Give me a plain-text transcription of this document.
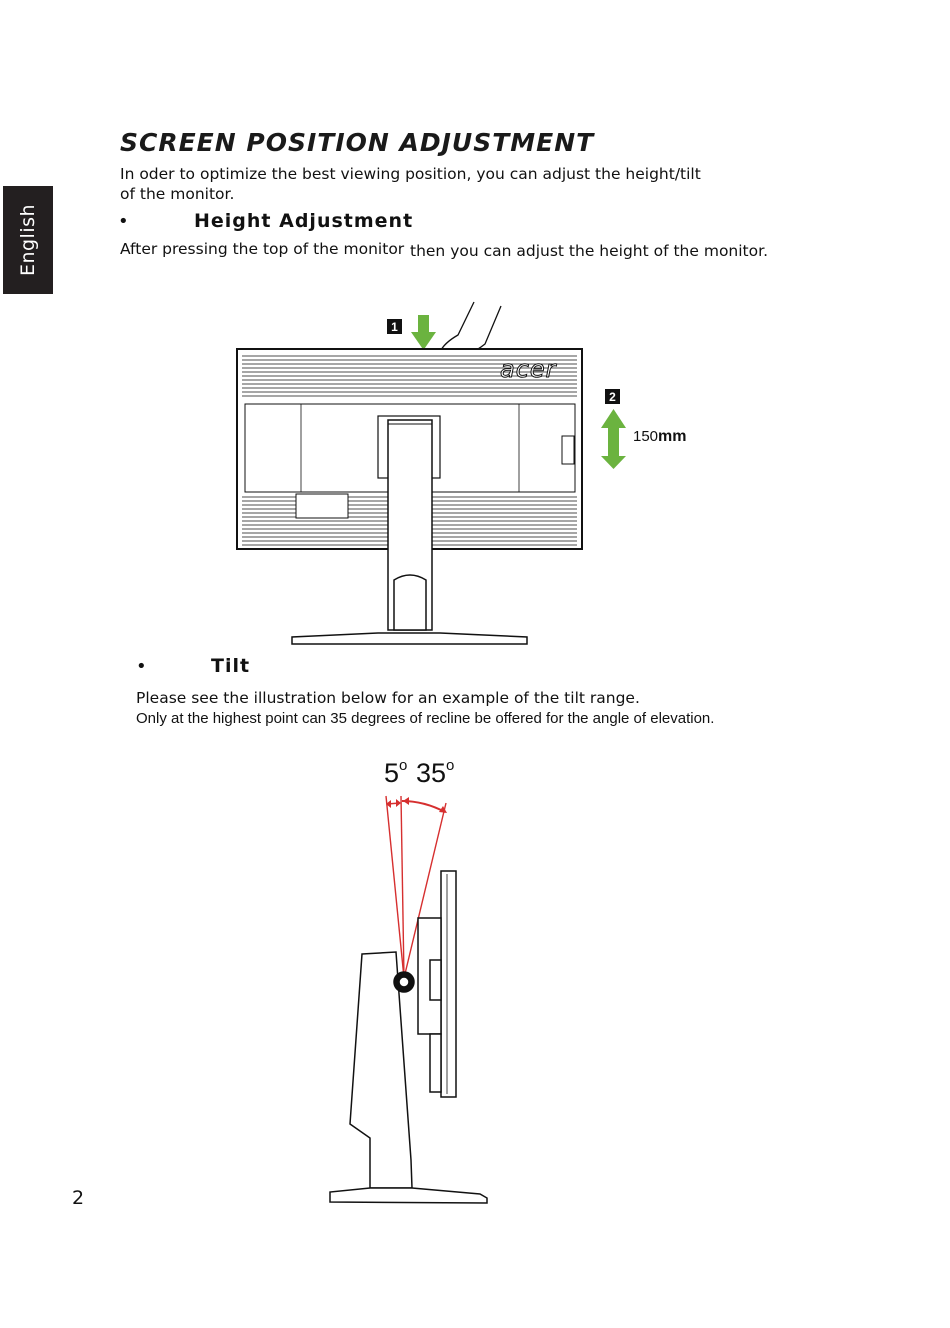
English
SCREEN POSITION ADJUSTMENT
In oder to optimize the best viewing position, you can adjust the height/tilt
of the monitor.
•	Height Adjustment
After pressing the top of the monitor then you can adjust the height of the monitor.
1
2
acer
150mm
•	Tilt
Please see the illustration below for an example of the tilt range.
Only at the highest point can 35 degrees of recline be offered for the angle of elevation.
5$^o$ 35$^o$
2
